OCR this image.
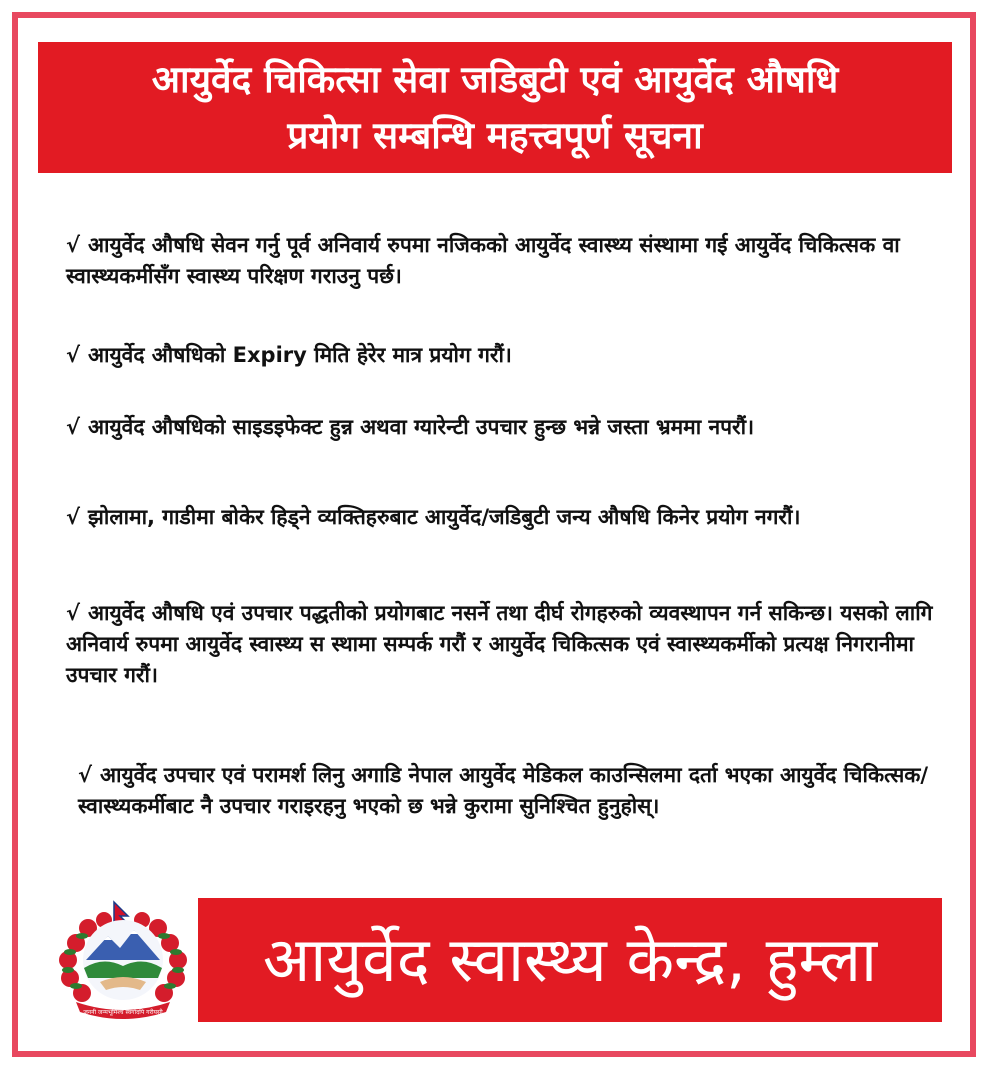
आयुर्वेद चिकित्सा सेवा जडिबुटी एवं आयुर्वेद औषधि
प्रयोग सम्बन्धि महत्त्वपूर्ण सूचना
√ आयुर्वेद औषधि सेवन गर्नु पूर्व अनिवार्य रुपमा नजिकको आयुर्वेद स्वास्थ्य संस्थामा गई आयुर्वेद चिकित्सक वा स्वास्थ्यकर्मीसँग स्वास्थ्य परिक्षण गराउनु पर्छ।
√ आयुर्वेद औषधिको Expiry मिति हेरेर मात्र प्रयोग गरौं।
√ आयुर्वेद औषधिको साइडइफेक्ट हुन्न अथवा ग्यारेन्टी उपचार हुन्छ भन्ने जस्ता भ्रममा नपरौं।
√ झोलामा, गाडीमा बोकेर हिड्ने व्यक्तिहरुबाट आयुर्वेद/जडिबुटी जन्य औषधि किनेर प्रयोग नगरौं।
√ आयुर्वेद औषधि एवं उपचार पद्धतीको प्रयोगबाट नसर्ने तथा दीर्घ रोगहरुको व्यवस्थापन गर्न सकिन्छ। यसको लागि अनिवार्य रुपमा आयुर्वेद स्वास्थ्य स स्थामा सम्पर्क गरौं र आयुर्वेद चिकित्सक एवं स्वास्थ्यकर्मीको प्रत्यक्ष निगरानीमा उपचार गरौं।
√ आयुर्वेद उपचार एवं परामर्श लिनु अगाडि नेपाल आयुर्वेद मेडिकल काउन्सिलमा दर्ता भएका आयुर्वेद चिकित्सक/स्वास्थ्यकर्मीबाट नै उपचार गराइरहनु भएको छ भन्ने कुरामा सुनिश्चित हुनुहोस्।
जननी जन्मभूमिश्च स्वर्गादपि गरीयसी
आयुर्वेद स्वास्थ्य केन्द्र, हुम्ला
